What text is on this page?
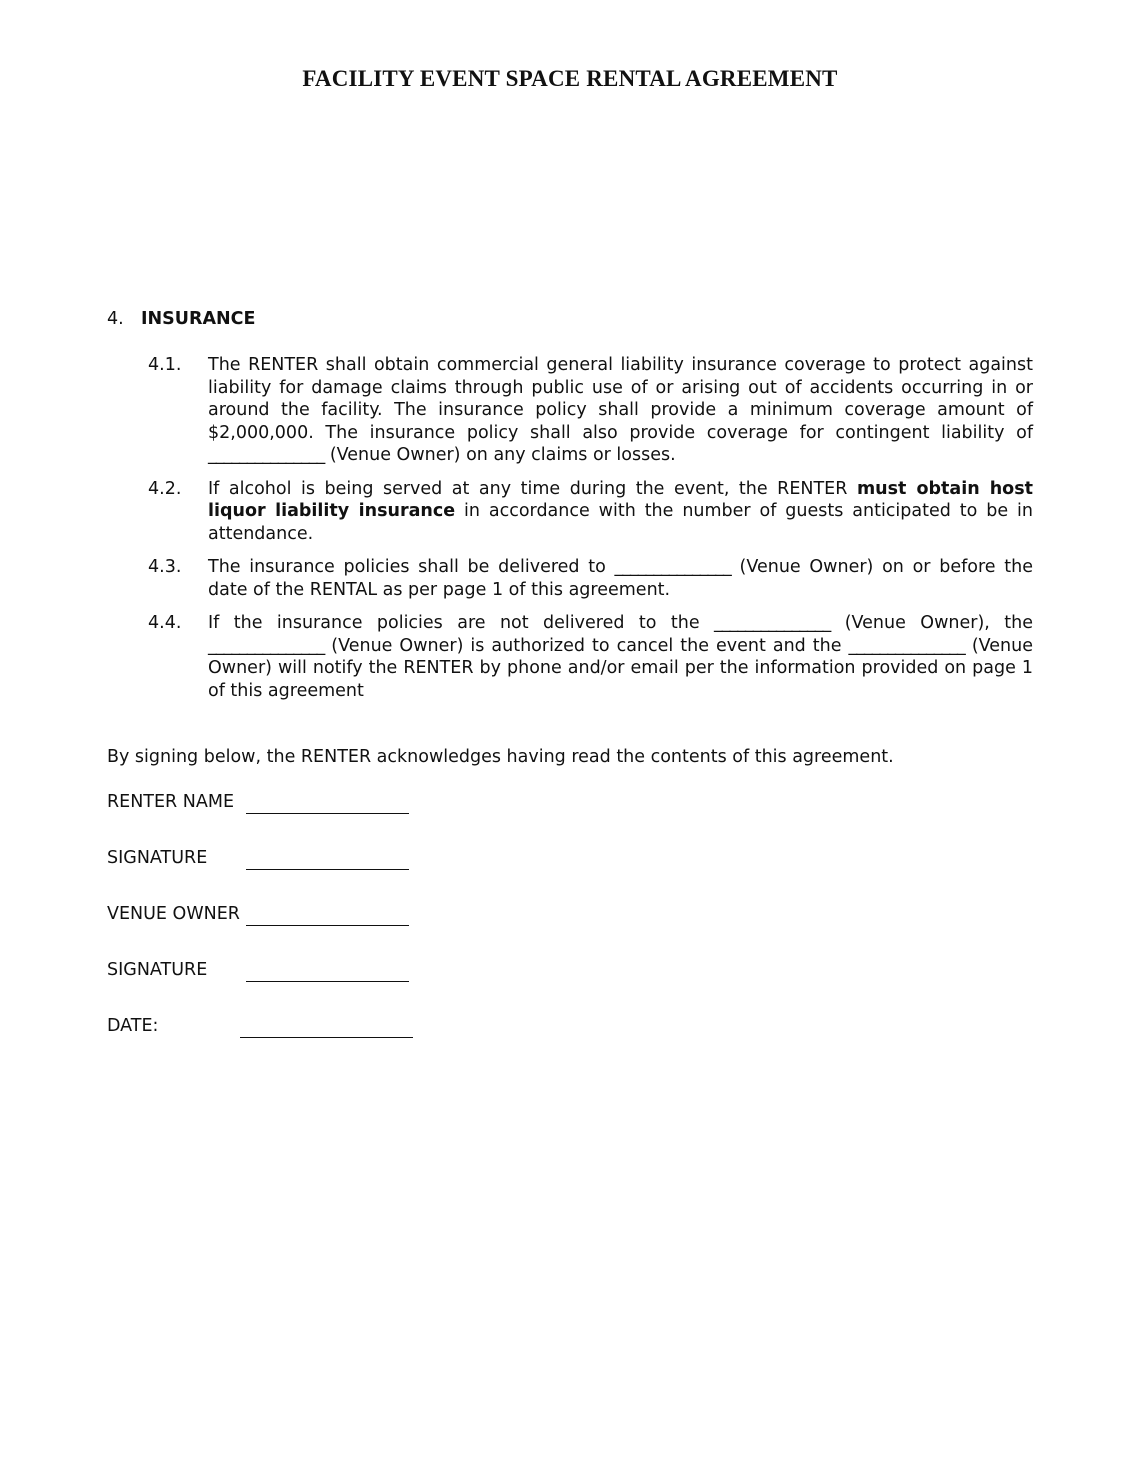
FACILITY EVENT SPACE RENTAL AGREEMENT
4. INSURANCE
4.1.	The RENTER shall obtain commercial general liability insurance coverage to protect against liability for damage claims through public use of or arising out of accidents occurring in or around the facility. The insurance policy shall provide a minimum coverage amount of $2,000,000. The insurance policy shall also provide coverage for contingent liability of _______________ (Venue Owner) on any claims or losses.
4.2.	If alcohol is being served at any time during the event, the RENTER must obtain host liquor liability insurance in accordance with the number of guests anticipated to be in attendance.
4.3.	The insurance policies shall be delivered to _______________ (Venue Owner) on or before the date of the RENTAL as per page 1 of this agreement.
4.4.	If the insurance policies are not delivered to the _______________ (Venue Owner), the _______________ (Venue Owner) is authorized to cancel the event and the _______________ (Venue Owner) will notify the RENTER by phone and/or email per the information provided on page 1 of this agreement
By signing below, the RENTER acknowledges having read the contents of this agreement.
RENTER NAME
SIGNATURE
VENUE OWNER
SIGNATURE
DATE:
